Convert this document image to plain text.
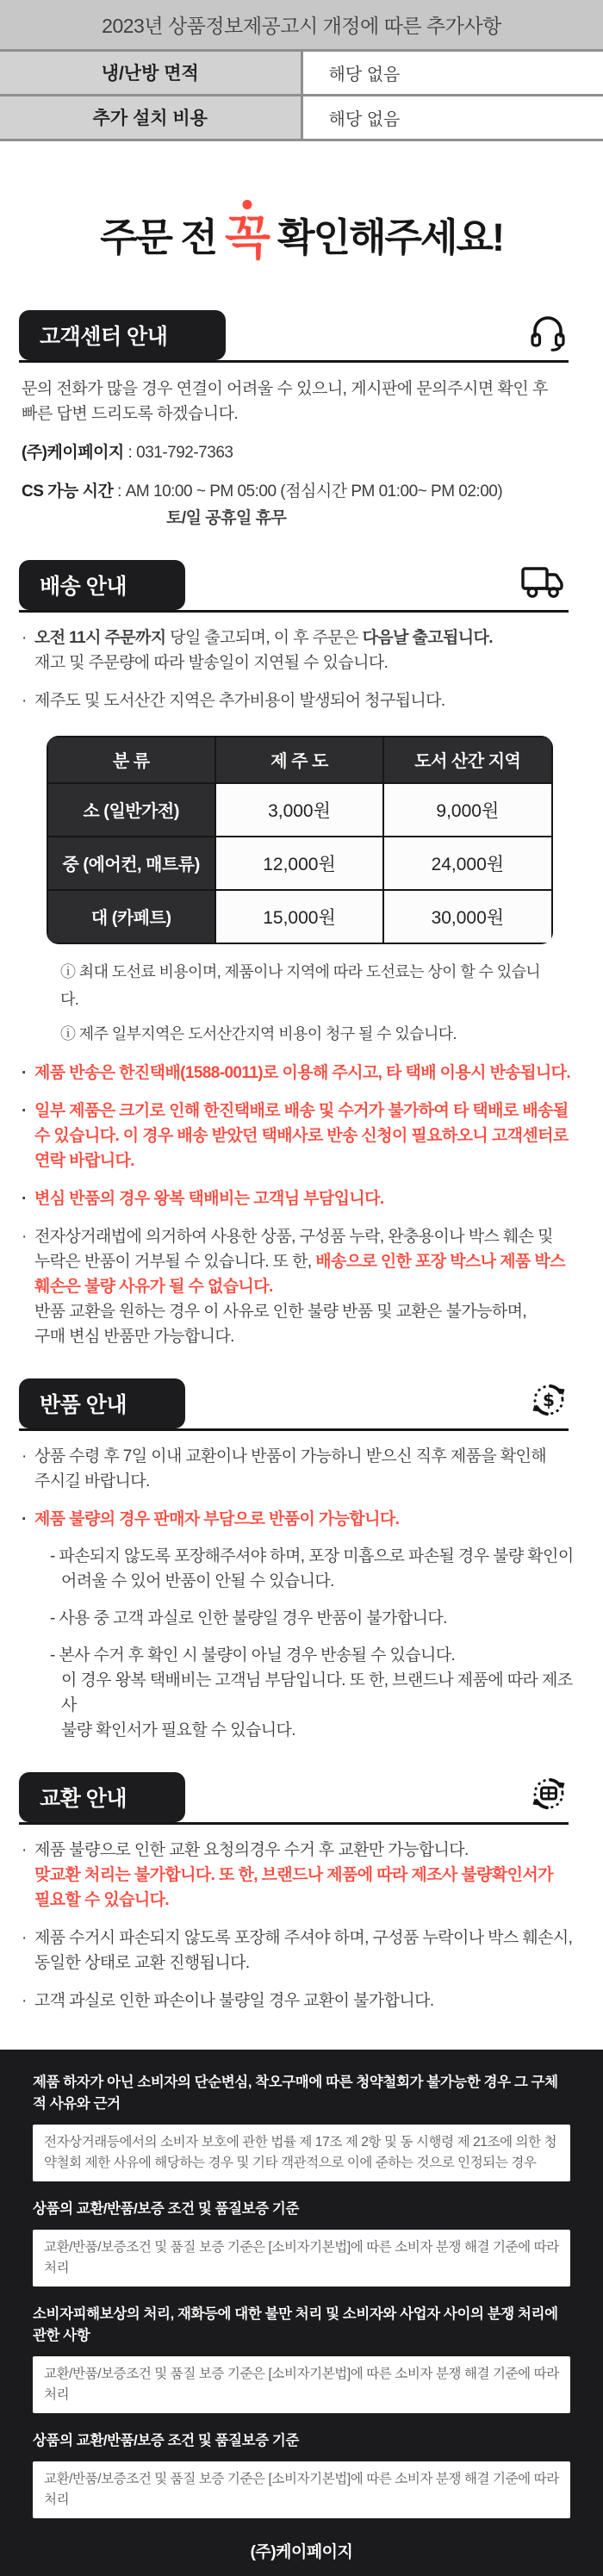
2023년 상품정보제공고시 개정에 따른 추가사항	
냉/난방 면적	해당 없음
추가 설치 비용	해당 없음
주문 전 꼭 확인해주세요!
고객센터 안내

문의 전화가 많을 경우 연결이 어려울 수 있으니, 게시판에 문의주시면 확인 후
빠른 답변 드리도록 하겠습니다.

(주)케이페이지 : 031-792-7363

CS 가능 시간 : AM 10:00 ~ PM 05:00 (점심시간 PM 01:00~ PM 02:00)

토/일 공휴일 휴무

배송 안내
· 오전 11시 주문까지 당일 출고되며, 이 후 주문은 다음날 출고됩니다.
재고 및 주문량에 따라 발송일이 지연될 수 있습니다.
· 제주도 및 도서산간 지역은 추가비용이 발생되어 청구됩니다.
분 류	제 주 도	도서 산간 지역
소 (일반가전)	3,000원	9,000원
중 (에어컨, 매트류)	12,000원	24,000원
대 (카페트)	15,000원	30,000원

ⓘ 최대 도선료 비용이며, 제품이나 지역에 따라 도선료는 상이 할 수 있습니다.

ⓘ 제주 일부지역은 도서산간지역 비용이 청구 될 수 있습니다.

· 제품 반송은 한진택배(1588-0011)로 이용해 주시고, 타 택배 이용시 반송됩니다.
· 일부 제품은 크기로 인해 한진택배로 배송 및 수거가 불가하여 타 택배로 배송될
수 있습니다. 이 경우 배송 받았던 택배사로 반송 신청이 필요하오니 고객센터로
연락 바랍니다.
· 변심 반품의 경우 왕복 택배비는 고객님 부담입니다.
· 전자상거래법에 의거하여 사용한 상품, 구성품 누락, 완충용이나 박스 훼손 및
누락은 반품이 거부될 수 있습니다. 또 한, 배송으로 인한 포장 박스나 제품 박스
훼손은 불량 사유가 될 수 없습니다.
반품 교환을 원하는 경우 이 사유로 인한 불량 반품 및 교환은 불가능하며,
구매 변심 반품만 가능합니다.
반품 안내	$
· 상품 수령 후 7일 이내 교환이나 반품이 가능하니 받으신 직후 제품을 확인해
주시길 바랍니다.
· 제품 불량의 경우 판매자 부담으로 반품이 가능합니다.
- 파손되지 않도록 포장해주셔야 하며, 포장 미흡으로 파손될 경우 불량 확인이
어려울 수 있어 반품이 안될 수 있습니다.
- 사용 중 고객 과실로 인한 불량일 경우 반품이 불가합니다.
- 본사 수거 후 확인 시 불량이 아닐 경우 반송될 수 있습니다.
이 경우 왕복 택배비는 고객님 부담입니다. 또 한, 브랜드나 제품에 따라 제조사
불량 확인서가 필요할 수 있습니다.
교환 안내
· 제품 불량으로 인한 교환 요청의경우 수거 후 교환만 가능합니다.
맞교환 처리는 불가합니다. 또 한, 브랜드나 제품에 따라 제조사 불량확인서가
필요할 수 있습니다.
· 제품 수거시 파손되지 않도록 포장해 주셔야 하며, 구성품 누락이나 박스 훼손시,
동일한 상태로 교환 진행됩니다.
· 고객 과실로 인한 파손이나 불량일 경우 교환이 불가합니다.
제품 하자가 아닌 소비자의 단순변심, 착오구매에 따른 청약철회가 불가능한 경우 그 구체적 사유와 근거
전자상거래등에서의 소비자 보호에 관한 법률 제 17조 제 2항 및 동 시행령 제 21조에 의한 청약철회 제한 사유에 해당하는 경우 및 기타 객관적으로 이에 준하는 것으로 인정되는 경우
상품의 교환/반품/보증 조건 및 품질보증 기준
교환/반품/보증조건 및 품질 보증 기준은 [소비자기본법]에 따른 소비자 분쟁 해결 기준에 따라 처리
소비자피해보상의 처리, 재화등에 대한 불만 처리 및 소비자와 사업자 사이의 분쟁 처리에 관한 사항
교환/반품/보증조건 및 품질 보증 기준은 [소비자기본법]에 따른 소비자 분쟁 해결 기준에 따라 처리
상품의 교환/반품/보증 조건 및 품질보증 기준
교환/반품/보증조건 및 품질 보증 기준은 [소비자기본법]에 따른 소비자 분쟁 해결 기준에 따라 처리
(주)케이페이지
